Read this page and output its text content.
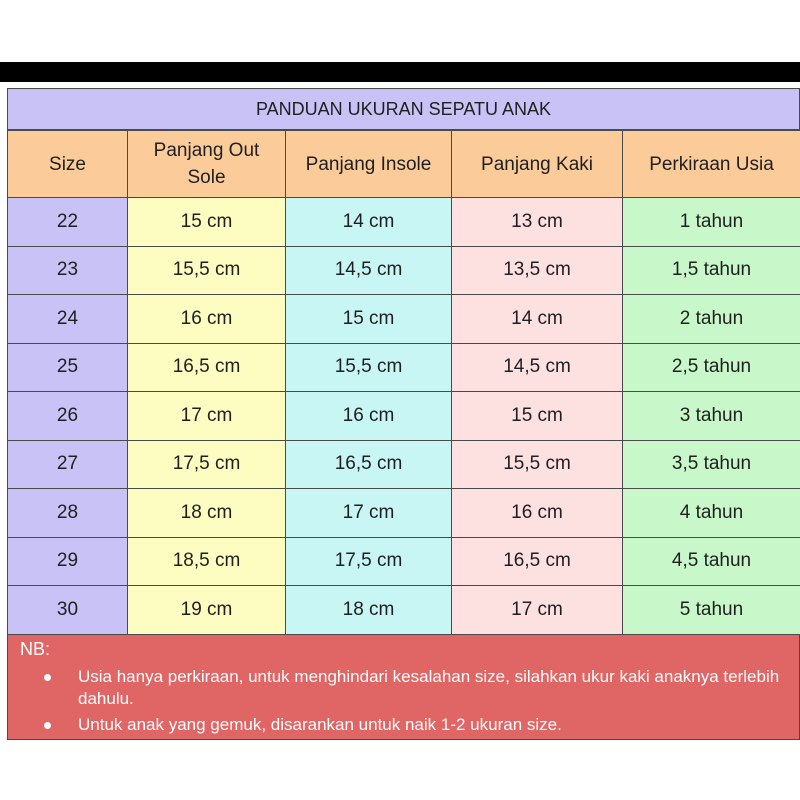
PANDUAN UKURAN SEPATU ANAK
Size	Panjang Out Sole	Panjang Insole	Panjang Kaki	Perkiraan Usia
22	15 cm	14 cm	13 cm	1 tahun
23	15,5 cm	14,5 cm	13,5 cm	1,5 tahun
24	16 cm	15 cm	14 cm	2 tahun
25	16,5 cm	15,5 cm	14,5 cm	2,5 tahun
26	17 cm	16 cm	15 cm	3 tahun
27	17,5 cm	16,5 cm	15,5 cm	3,5 tahun
28	18 cm	17 cm	16 cm	4 tahun
29	18,5 cm	17,5 cm	16,5 cm	4,5 tahun
30	19 cm	18 cm	17 cm	5 tahun
NB:
Usia hanya perkiraan, untuk menghindari kesalahan size, silahkan ukur kaki anaknya terlebih dahulu.
Untuk anak yang gemuk, disarankan untuk naik 1-2 ukuran size.
